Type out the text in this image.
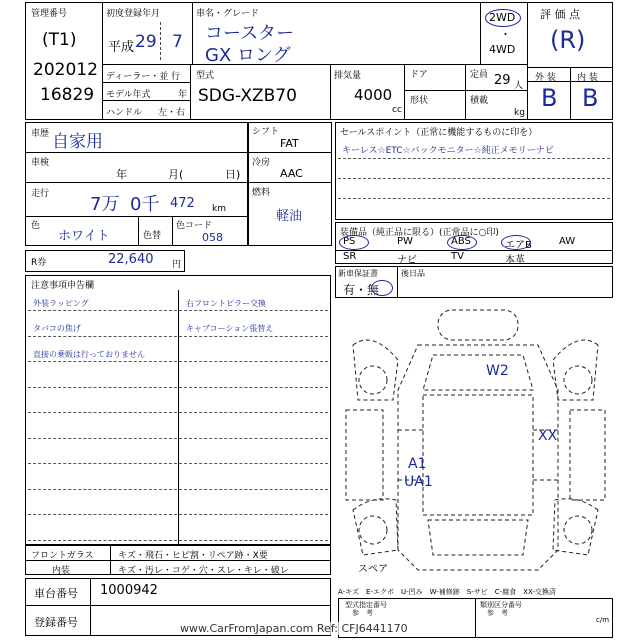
管理番号
(T1)
202012
16829
初度登録年月
平成 29 7
車名・グレード
コースター
GX ロング
2WD
・
4WD
ディーラー・並 行
モデル年式	年
ハンドル 左・右
型式
SDG-XZB70
排気量
4000
cc
ドア	定員 29 人
形状	積載
kg
評 価 点
(R)
外 装 内 装
B B
車歴 自家用
車検
年	月(	日)
走行 7万 0千 472 km
色
ホワイト	色替
色コード
058
シフト
FAT
冷房
AAC
燃料
軽油
R券	22,640 円
セールスポイント（正常に機能するものに印を）
キーレス☆ETC☆バックモニター☆純正メモリーナビ
装備品（純正品に限る）(正常品に○印)
PS	PW	ABS	エアB	AW
SR	ナビ	TV	本革
新車保証書
有・無
後日品
注意事項申告欄
外装ラッピング
タバコの焦げ
直接の乗販は行っておりません
右フロントピラー交換
キャブコーション張替え
フロントガラス	キズ・飛石・ヒビ割・リペア跡・X要
内装	キズ・汚レ・コゲ・穴・スレ・キレ・破レ
車台番号 1000942
登録番号
W2
XX
A1
UA1
スペア
A-キズ　E-エクボ　U-凹み　W-補修跡　S-サビ　C-腐食　XX-交換済
型式指定番号
参　考
類別区分番号
参　考
c/m
www.CarFromJapan.com Ref: CFJ6441170
